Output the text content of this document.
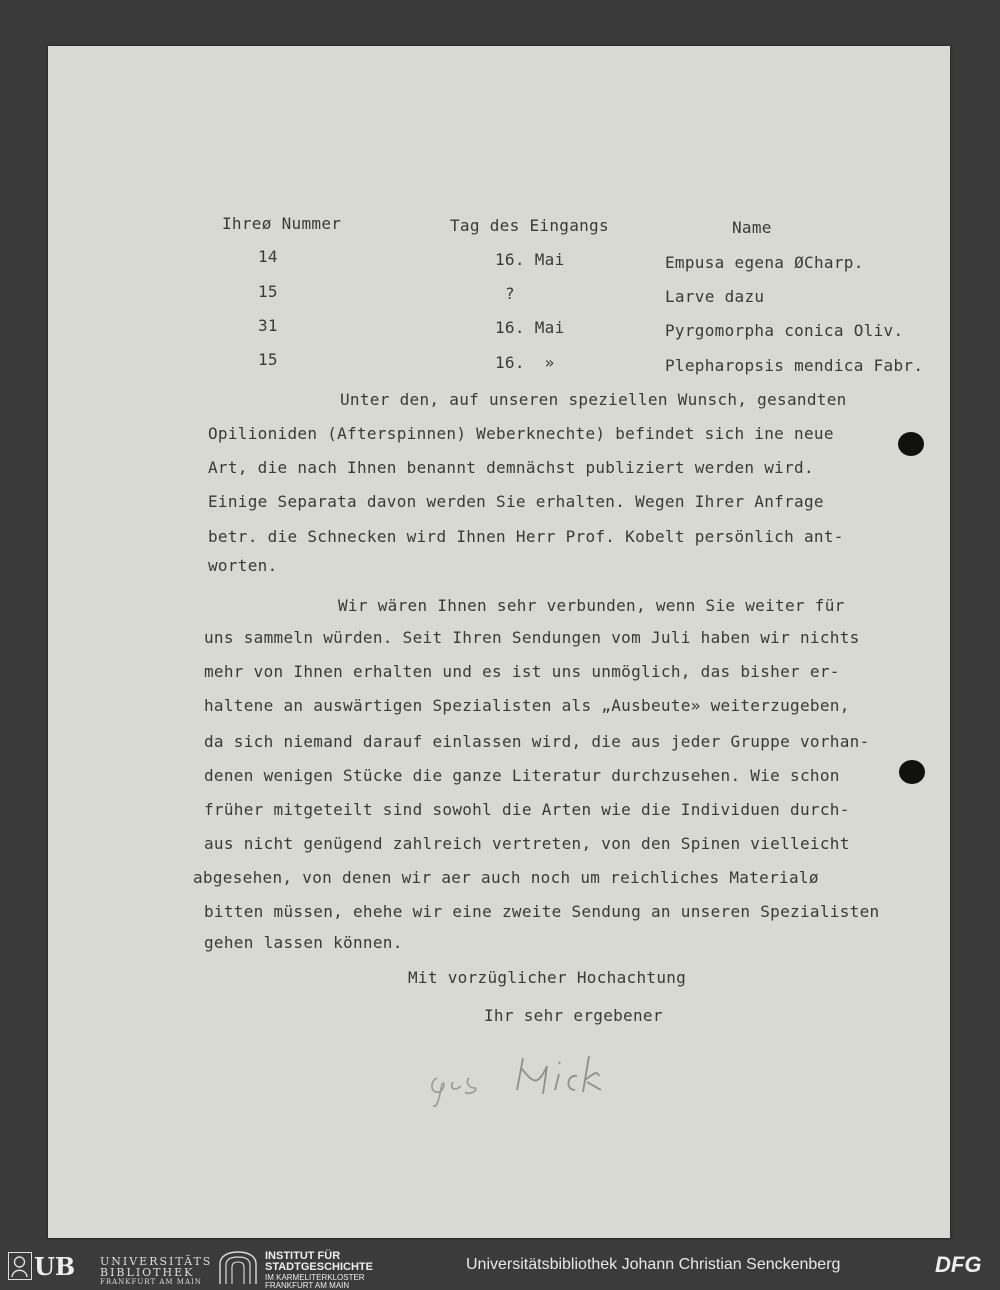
Ihreø Nummer	Tag des Eingangs	Name
14	16. Mai	Empusa egena ØCharp.
15	?	Larve dazu
31	16. Mai	Pyrgomorpha conica Oliv.
15	16.  »	Plepharopsis mendica Fabr.
Unter den, auf unseren speziellen Wunsch, gesandten
Opilioniden (Afterspinnen) Weberknechte) befindet sich ine neue
Art, die nach Ihnen benannt demnächst publiziert werden wird.
Einige Separata davon werden Sie erhalten. Wegen Ihrer Anfrage
betr. die Schnecken wird Ihnen Herr Prof. Kobelt persönlich ant-
worten.
Wir wären Ihnen sehr verbunden, wenn Sie weiter für
uns sammeln würden. Seit Ihren Sendungen vom Juli haben wir nichts
mehr von Ihnen erhalten und es ist uns unmöglich, das bisher er-
haltene an auswärtigen Spezialisten als „Ausbeute» weiterzugeben,
da sich niemand darauf einlassen wird, die aus jeder Gruppe vorhan-
denen wenigen Stücke die ganze Literatur durchzusehen. Wie schon
früher mitgeteilt sind sowohl die Arten wie die Individuen durch-
aus nicht genügend zahlreich vertreten, von den Spinen vielleicht
abgesehen, von denen wir aer auch noch um reichliches Materialø
bitten müssen, ehehe wir eine zweite Sendung an unseren Spezialisten
gehen lassen können.
Mit vorzüglicher Hochachtung
Ihr sehr ergebener
UB UNIVERSITÄTS
BIBLIOTHEK
FRANKFURT AM MAIN
INSTITUT FÜR
STADTGESCHICHTE
IM KARMELITERKLOSTER
FRANKFURT AM MAIN
Universitätsbibliothek Johann Christian Senckenberg	DFG
